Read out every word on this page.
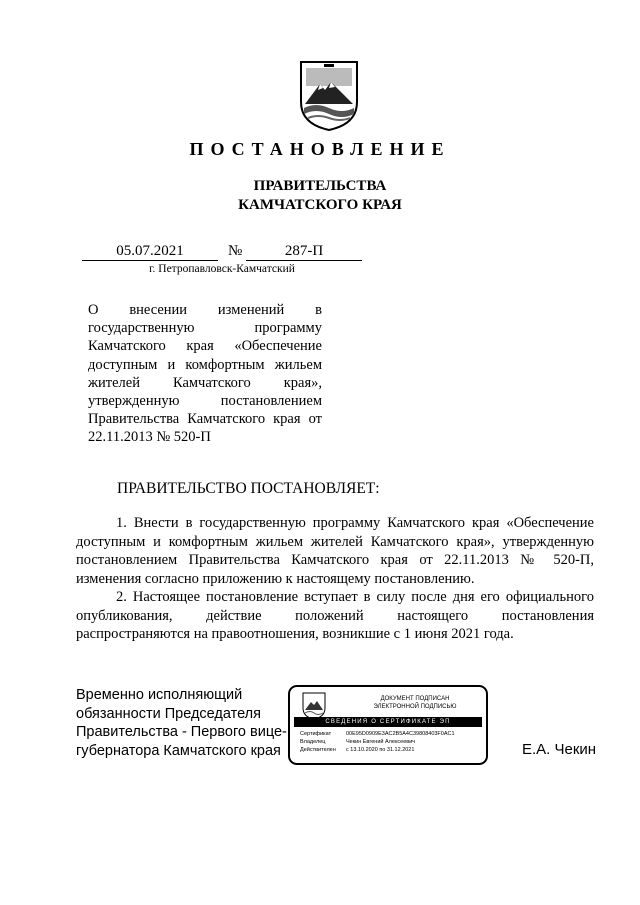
ПОСТАНОВЛЕНИЕ
ПРАВИТЕЛЬСТВА
КАМЧАТСКОГО КРАЯ
05.07.2021	№	287-П
г. Петропавловск-Камчатский
О внесении изменений в
государственную программу
Камчатского края «Обеспечение
доступным и комфортным жильем
жителей Камчатского края»,
утвержденную постановлением
Правительства Камчатского края от
22.11.2013 № 520-П
ПРАВИТЕЛЬСТВО ПОСТАНОВЛЯЕТ:
1. Внести в государственную программу Камчатского края «Обеспечение
доступным и комфортным жильем жителей Камчатского края», утвержденную
постановлением Правительства Камчатского края от 22.11.2013 № 520-П,
изменения согласно приложению к настоящему постановлению.
2. Настоящее постановление вступает в силу после дня его официального
опубликования, действие положений настоящего постановления
распространяются на правоотношения, возникшие с 1 июня 2021 года.
Временно исполняющий
обязанности Председателя
Правительства - Первого вице-
губернатора Камчатского края
ДОКУМЕНТ ПОДПИСАН
ЭЛЕКТРОННОЙ ПОДПИСЬЮ
СВЕДЕНИЯ О СЕРТИФИКАТЕ ЭП
Сертификат	00E95D0909E3AC2B5A4C39808403F0AC1
Владелец	Чекин Евгений Алексеевич
Действителен с 13.10.2020 по 31.12.2021	Е.А. Чекин
